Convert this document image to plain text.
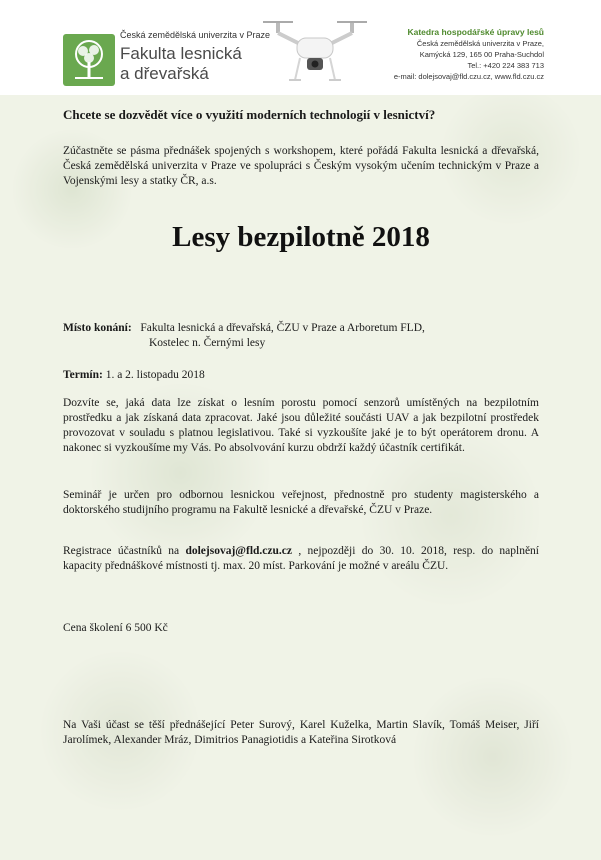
Česká zemědělská univerzita v Praze
Fakulta lesnická
a dřevařská
Katedra hospodářské úpravy lesů
Česká zemědělská univerzita v Praze,
Kamýcká 129, 165 00 Praha-Suchdol
Tel.: +420 224 383 713
e-mail: dolejsovaj@fld.czu.cz, www.fld.czu.cz
Chcete se dozvědět více o využití moderních technologií v lesnictví?
Zúčastněte se pásma přednášek spojených s workshopem, které pořádá Fakulta lesnická a dřevařská, Česká zemědělská univerzita v Praze ve spolupráci s Českým vysokým učením technickým v Praze a Vojenskými lesy a statky ČR, a.s.
Místo konání: Fakulta lesnická a dřevařská, ČZU v Praze a Arboretum FLD,
Kostelec n. Černými lesy
Termín: 1. a 2. listopadu 2018
Dozvíte se, jaká data lze získat o lesním porostu pomocí senzorů umístěných na bezpilotním prostředku a jak získaná data zpracovat. Jaké jsou důležité součásti UAV a jak bezpilotní prostředek provozovat v souladu s platnou legislativou. Také si vyzkoušíte jaké je to být operátorem dronu. A nakonec si vyzkoušíme my Vás. Po absolvování kurzu obdrží každý účastník certifikát.
Seminář je určen pro odbornou lesnickou veřejnost, přednostně pro studenty magisterského a doktorského studijního programu na Fakultě lesnické a dřevařské, ČZU v Praze.
Registrace účastníků na dolejsovaj@fld.czu.cz , nejpozději do 30. 10. 2018, resp. do naplnění kapacity přednáškové místnosti tj. max. 20 míst. Parkování je možné v areálu ČZU.
Cena školení 6 500 Kč
Na Vaši účast se těší přednášející Peter Surový, Karel Kuželka, Martin Slavík, Tomáš Meiser, Jiří Jarolímek, Alexander Mráz, Dimitrios Panagiotidis a Kateřina Sirotková
Lesy bezpilotně 2018
